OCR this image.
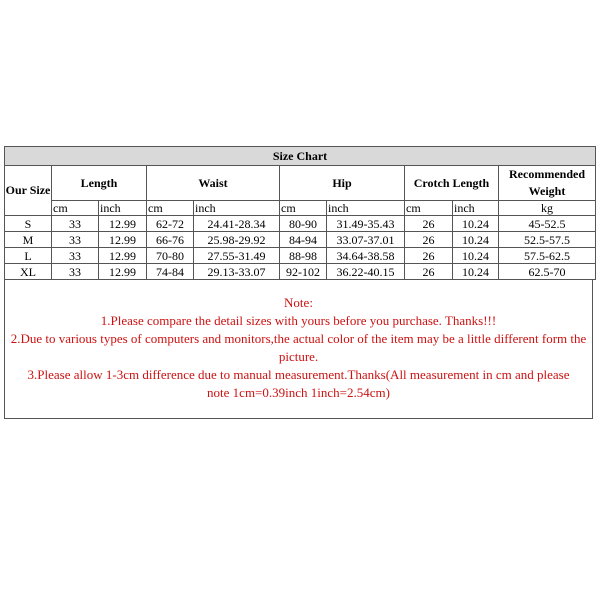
Size Chart									
Our Size	Length		Waist		Hip		Crotch Length		Recommended Weight
	cm	inch	cm	inch	cm	inch	cm	inch	kg
S	33	12.99	62-72	24.41-28.34	80-90	31.49-35.43	26	10.24	45-52.5
M	33	12.99	66-76	25.98-29.92	84-94	33.07-37.01	26	10.24	52.5-57.5
L	33	12.99	70-80	27.55-31.49	88-98	34.64-38.58	26	10.24	57.5-62.5
XL	33	12.99	74-84	29.13-33.07	92-102	36.22-40.15	26	10.24	62.5-70
Note:
1.Please compare the detail sizes with yours before you purchase. Thanks!!!
2.Due to various types of computers and monitors,the actual color of the item may be a little different form the picture.
3.Please allow 1-3cm difference due to manual measurement.Thanks(All measurement in cm and please note 1cm=0.39inch 1inch=2.54cm)
